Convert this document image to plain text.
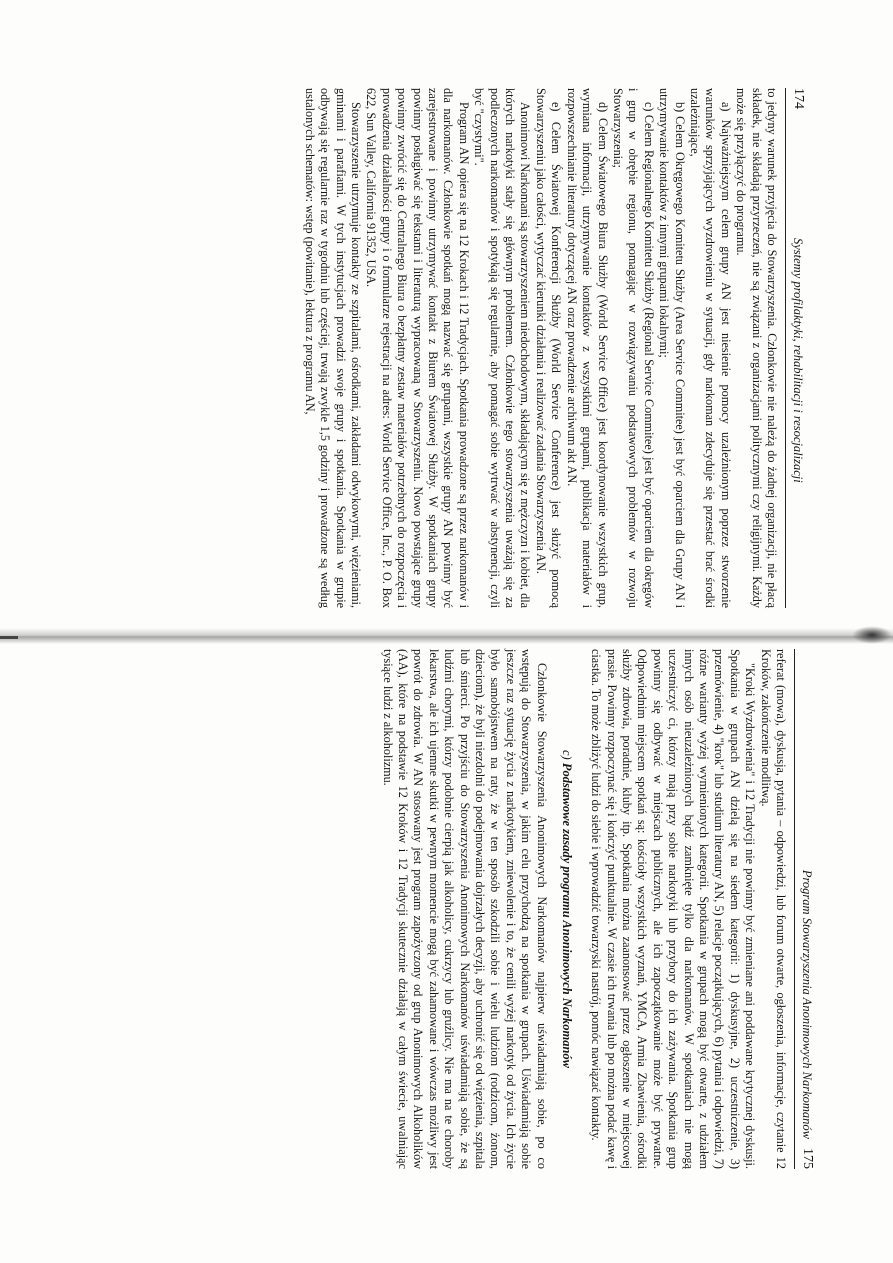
174
Systemy profilaktyki, rehabilitacji i resocjalizacji

to jedyny warunek przyjęcia do Stowarzyszenia. Członkowie nie należą do żadnej organizacji, nie płacą składek, nie składają przyrzeczeń, nie są związani z organizacjami politycznymi czy religijnymi. Każdy może się przyłączyć do programu.

a) Najważniejszym celem grupy AN jest niesienie pomocy uzależnionym poprzez stworzenie warunków sprzyjających wyzdrowieniu w sytuacji, gdy narkoman zdecyduje się przestać brać środki uzależniające,

b) Celem Okręgowego Komitetu Służby (Area Service Commitee) jest być oparciem dla Grupy AN i utrzymywanie kontaktów z innymi grupami lokalnymi;

c) Celem Regionalnego Komitetu Służby (Regional Service Commitee) jest być oparciem dla okręgów i grup w obrębie regionu, pomagając w rozwiązywaniu podstawowych problemów w rozwoju Stowarzyszenia;

d) Celem Światowego Biura Służby (World Service Office) jest koordynowanie wszystkich grup, wymiana informacji, utrzymywanie kontaktów z wszystkimi grupami, publikacja materiałów i rozpowszechnianie literatury dotyczącej AN oraz prowadzenie archiwum akt AN.

e) Celem Światowej Konferencji Służby (World Service Conference) jest służyć pomocą Stowarzyszeniu jako całości, wytyczać kierunki działania i realizować zadania Stowarzyszenia AN.

Anonimowi Narkomani są stowarzyszeniem niedochodowym, składającym się z mężczyzn i kobiet, dla których narkotyki stały się głównym problemem. Członkowie tego stowarzyszenia uważają się za podleczonych narkomanów i spotykają się regularnie, aby pomagać sobie wytrwać w abstynencji, czyli być "czystymi".

Program AN opiera się na 12 Krokach i 12 Tradycjach. Spotkania prowadzone są przez narkomanów i dla narkomanów. Członkowie spotkań mogą nazwać się grupami, wszystkie grupy AN powinny być zarejestrowane i powinny utrzymywać kontakt z Biurem Światowej Służby. W spotkaniach grupy powinny posługiwać się tekstami i literaturą wypracowaną w Stowarzyszeniu. Nowo powstające grupy powinny zwrócić się do Centralnego Biura o bezpłatny zestaw materiałów potrzebnych do rozpoczęcia i prowadzenia działalności grupy i o formularze rejestracji na adres: World Service Office, Inc., P. O. Box 622, Sun Valley, California 91352, USA.

Stowarzyszenie utrzymuje kontakty ze szpitalami, ośrodkami, zakładami odwykowymi, więzieniami, gminami i parafiami. W tych instytucjach prowadzi swoje grupy i spotkania. Spotkania w grupie odbywają się regularnie raz w tygodniu lub częściej, trwają zwykle 1,5 godziny i prowadzone są według ustalonych schematów: wstęp (powitanie), lektura z programu AN,

Program Stowarzyszenia Anonimowych Narkomanów
175

referat (mowa), dyskusja, pytania – odpowiedzi, lub forum otwarte, ogłoszenia, informacje, czytanie 12 Kroków, zakończenie modlitwą.

"Kroki Wyzdrowienia" i 12 Tradycji nie powinny być zmieniane ani poddawane krytycznej dyskusji. Spotkania w grupach AN dzielą się na siedem kategorii: 1) dyskusyjne, 2) uczestniczenie, 3) przemówienie, 4) "krok" lub studium literatury AN, 5) relacje początkujących, 6) pytania i odpowiedzi, 7) różne warianty wyżej wymienionych kategorii. Spotkania w grupach mogą być otwarte, z udziałem innych osób nieuzależnionych bądź zamknięte tylko dla narkomanów. W spotkaniach nie mogą uczestniczyć ci, którzy mają przy sobie narkotyki lub przybory do ich zażywania. Spotkania grup powinny się odbywać w miejscach publicznych, ale ich zapoczątkowanie może być prywatne. Odpowiednim miejscem spotkań są: kościoły wszystkich wyznań, YMCA, Armia Zbawienia, ośrodki służby zdrowia, poradnie, kluby itp. Spotkania można zaanonsować przez ogłoszenie w miejscowej prasie. Powinny rozpoczynać się i kończyć punktualnie. W czasie ich trwania lub po można podać kawę i ciastka. To może zbliżyć ludzi do siebie i wprowadzić towarzyski nastrój, pomóc nawiązać kontakty.

c) Podstawowe zasady programu Anonimowych Narkomanów

Członkowie Stowarzyszenia Anonimowych Narkomanów najpierw uświadamiają sobie, po co wstępują do Stowarzyszenia, w jakim celu przychodzą na spotkania w grupach. Uświadamiają sobie jeszcze raz sytuację życia z narkotykiem, zniewolenie i to, że cenili wyżej narkotyk od życia. Ich życie było samobójstwem na raty, że w ten sposób szkodzili sobie i wielu ludziom (rodzicom, żonom, dzieciom), że byli niezdolni do podejmowania dojrzałych decyzji, aby uchronić się od więzienia, szpitala lub śmierci. Po przyjściu do Stowarzyszenia Anonimowych Narkomanów uświadamiają sobie, że są ludźmi chorymi, którzy podobnie cierpią jak alkoholicy, cukrzycy lub gruźlicy. Nie ma na te choroby lekarstwa, ale ich ujemne skutki w pewnym momencie mogą być zahamowane i wówczas możliwy jest powrót do zdrowia. W AN stosowany jest program zapożyczony od grup Anonimowych Alkoholików (AA), które na podstawie 12 Kroków i 12 Tradycji skutecznie działają w całym świecie, uwalniając tysiące ludzi z alkoholizmu.
